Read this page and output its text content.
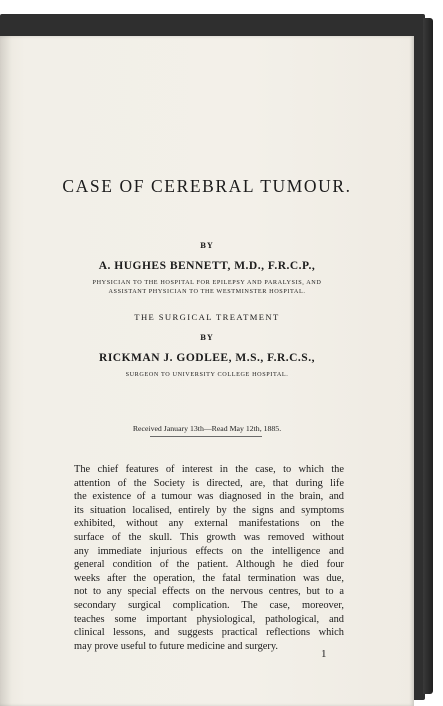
CASE OF CEREBRAL TUMOUR.
BY
A. HUGHES BENNETT, M.D., F.R.C.P.,
PHYSICIAN TO THE HOSPITAL FOR EPILEPSY AND PARALYSIS, AND
ASSISTANT PHYSICIAN TO THE WESTMINSTER HOSPITAL.
THE SURGICAL TREATMENT
BY
RICKMAN J. GODLEE, M.S., F.R.C.S.,
SURGEON TO UNIVERSITY COLLEGE HOSPITAL.
Received January 13th—Read May 12th, 1885.
The chief features of interest in the case, to which the
attention of the Society is directed, are, that during life
the existence of a tumour was diagnosed in the brain, and
its situation localised, entirely by the signs and symptoms
exhibited, without any external manifestations on the
surface of the skull. This growth was removed without
any immediate injurious effects on the intelligence and
general condition of the patient. Although he died four
weeks after the operation, the fatal termination was due,
not to any special effects on the nervous centres, but to a
secondary surgical complication. The case, moreover,
teaches some important physiological, pathological, and
clinical lessons, and suggests practical reflections which
may prove useful to future medicine and surgery.
1
